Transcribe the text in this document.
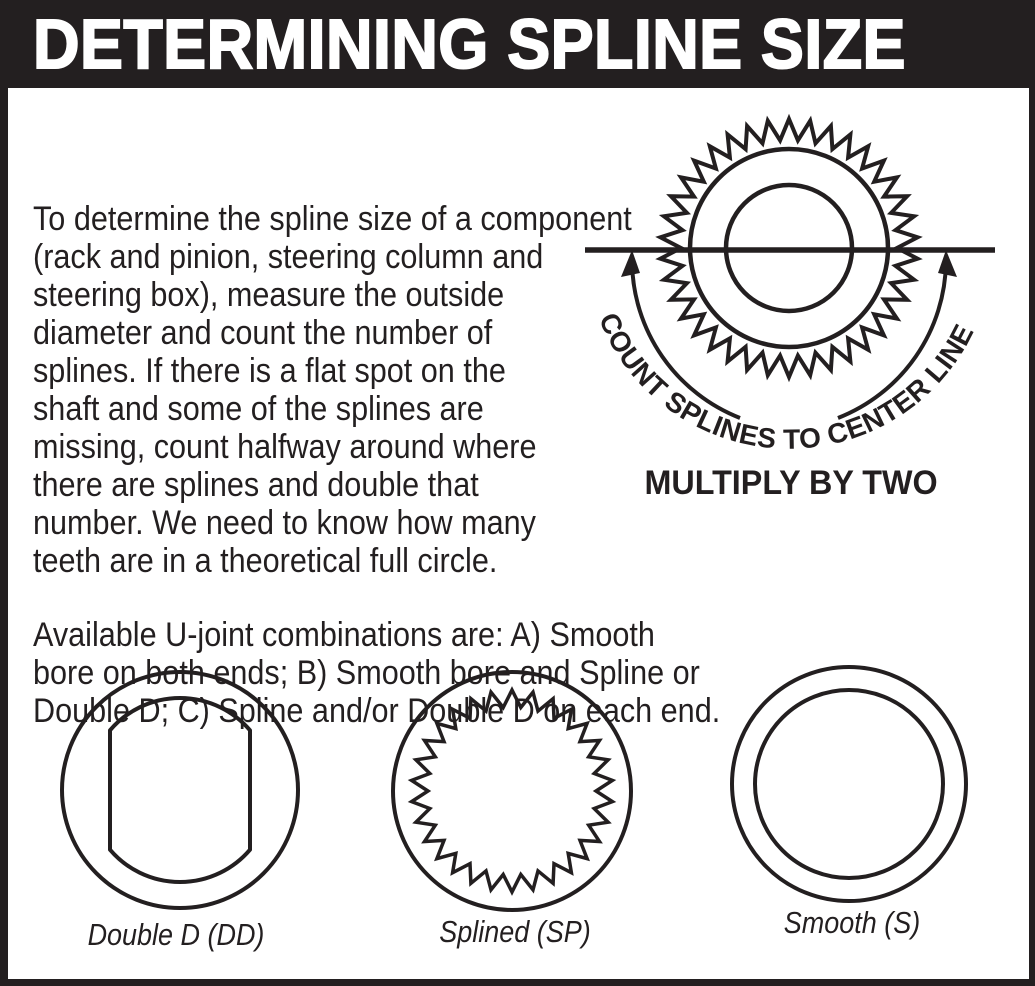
DETERMINING SPLINE SIZE
To determine the spline size of a component
(rack and pinion, steering column and
steering box), measure the outside
diameter and count the number of
splines. If there is a flat spot on the
shaft and some of the splines are
missing, count halfway around where
there are splines and double that
number. We need to know how many
teeth are in a theoretical full circle.
Available U-joint combinations are: A) Smooth
bore on both ends; B) Smooth bore and Spline or
Double D; C) Spline and/or Double D on each end.
COUNT SPLINES TO CENTER LINE
MULTIPLY BY TWO
Double D (DD)	Splined (SP)	Smooth (S)
